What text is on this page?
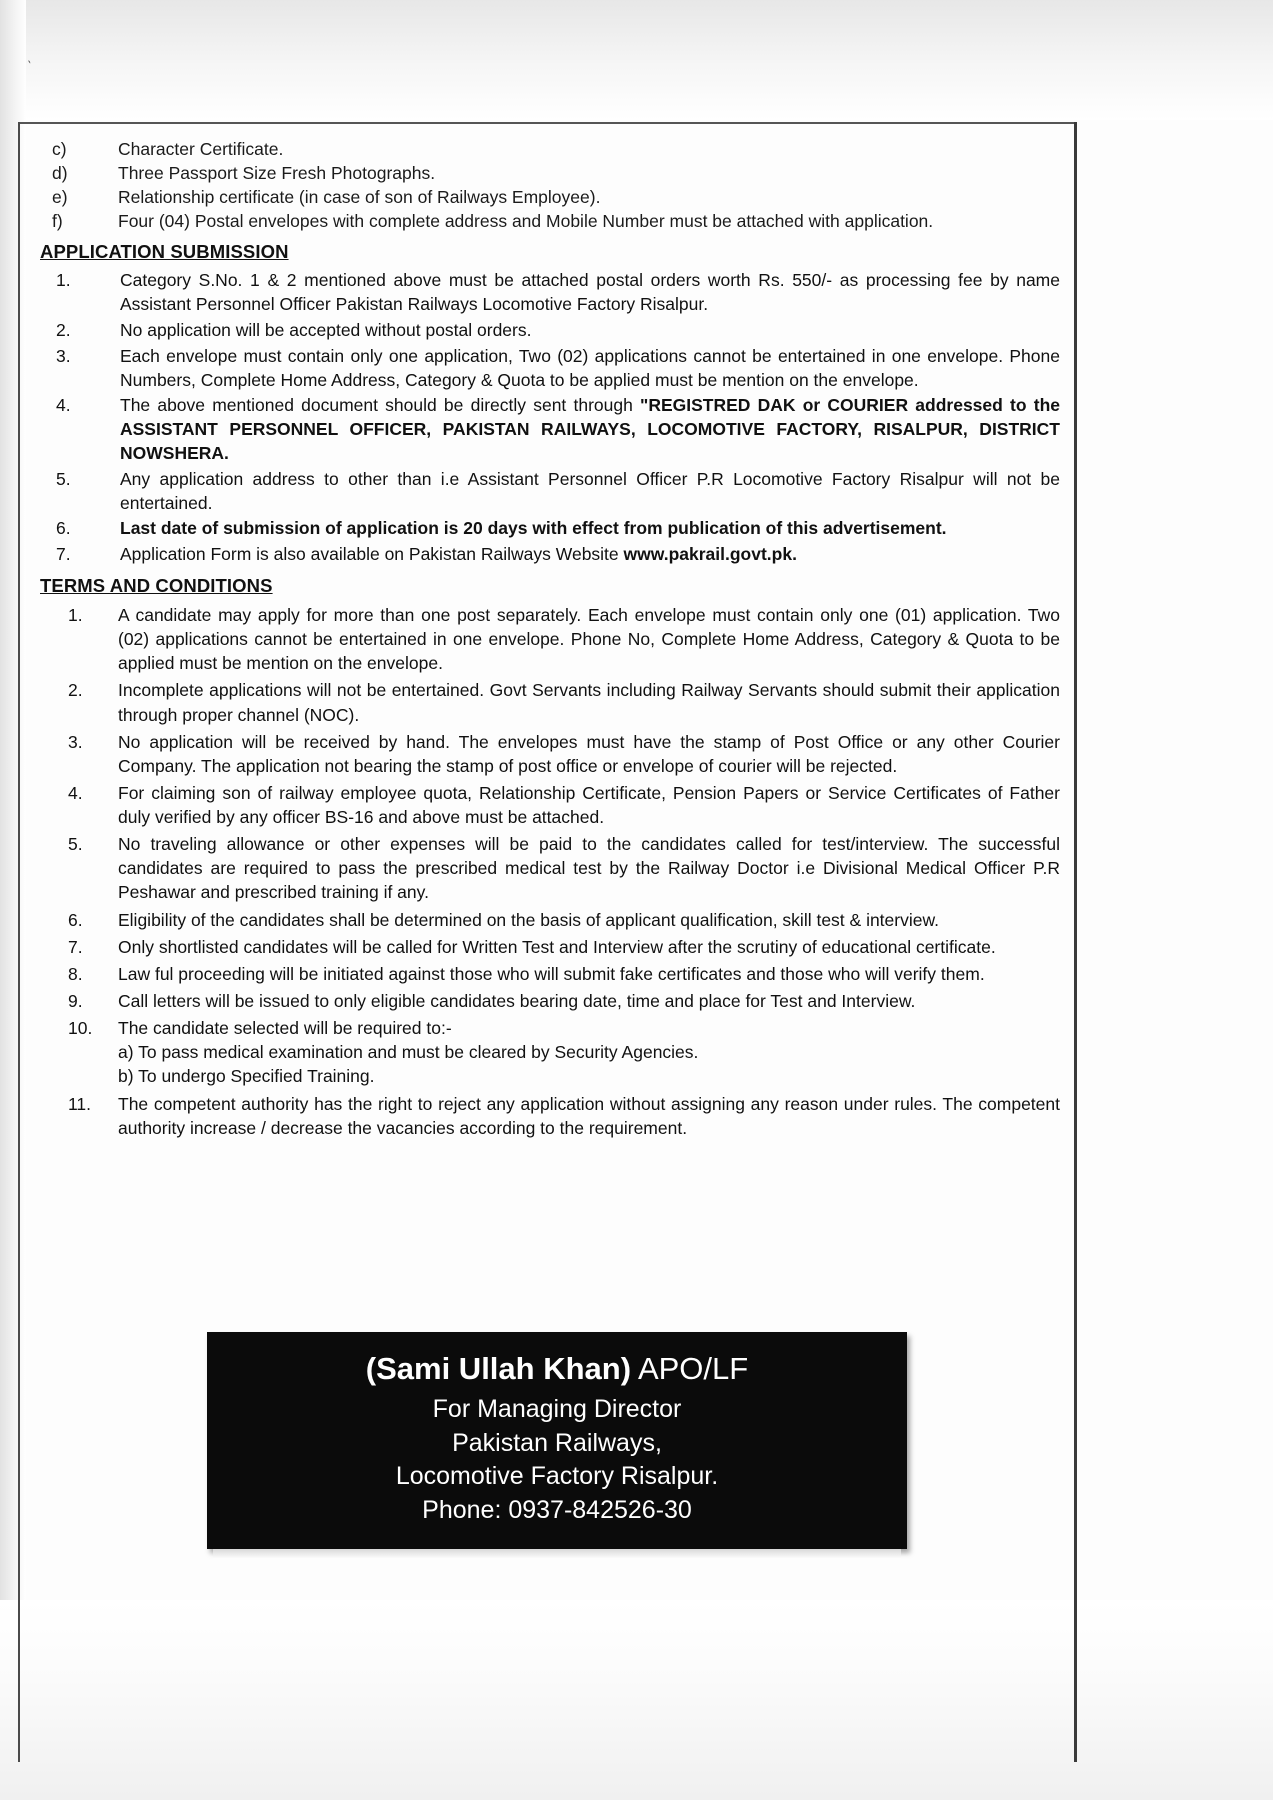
`
c)	Character Certificate.
d)	Three Passport Size Fresh Photographs.
e)	Relationship certificate (in case of son of Railways Employee).
f)	Four (04) Postal envelopes with complete address and Mobile Number must be attached with application.
APPLICATION SUBMISSION
1.	Category S.No. 1 & 2 mentioned above must be attached postal orders worth Rs. 550/- as processing fee by name Assistant Personnel Officer Pakistan Railways Locomotive Factory Risalpur.
2.	No application will be accepted without postal orders.
3.	Each envelope must contain only one application, Two (02) applications cannot be entertained in one envelope. Phone Numbers, Complete Home Address, Category & Quota to be applied must be mention on the envelope.
4.	The above mentioned document should be directly sent through "REGISTRED DAK or COURIER addressed to the ASSISTANT PERSONNEL OFFICER, PAKISTAN RAILWAYS, LOCOMOTIVE FACTORY, RISALPUR, DISTRICT NOWSHERA.
5.	Any application address to other than i.e Assistant Personnel Officer P.R Locomotive Factory Risalpur will not be entertained.
6.	Last date of submission of application is 20 days with effect from publication of this advertisement.
7.	Application Form is also available on Pakistan Railways Website www.pakrail.govt.pk.
TERMS AND CONDITIONS
1.	A candidate may apply for more than one post separately. Each envelope must contain only one (01) application. Two (02) applications cannot be entertained in one envelope. Phone No, Complete Home Address, Category & Quota to be applied must be mention on the envelope.
2.	Incomplete applications will not be entertained. Govt Servants including Railway Servants should submit their application through proper channel (NOC).
3.	No application will be received by hand. The envelopes must have the stamp of Post Office or any other Courier Company. The application not bearing the stamp of post office or envelope of courier will be rejected.
4.	For claiming son of railway employee quota, Relationship Certificate, Pension Papers or Service Certificates of Father duly verified by any officer BS-16 and above must be attached.
5.	No traveling allowance or other expenses will be paid to the candidates called for test/interview. The successful candidates are required to pass the prescribed medical test by the Railway Doctor i.e Divisional Medical Officer P.R Peshawar and prescribed training if any.
6.	Eligibility of the candidates shall be determined on the basis of applicant qualification, skill test & interview.
7.	Only shortlisted candidates will be called for Written Test and Interview after the scrutiny of educational certificate.
8.	Law ful proceeding will be initiated against those who will submit fake certificates and those who will verify them.
9.	Call letters will be issued to only eligible candidates bearing date, time and place for Test and Interview.
10.	The candidate selected will be required to:-
a) To pass medical examination and must be cleared by Security Agencies.
b) To undergo Specified Training.
11.	The competent authority has the right to reject any application without assigning any reason under rules. The competent authority increase / decrease the vacancies according to the requirement.
(Sami Ullah Khan) APO/LF
For Managing Director
Pakistan Railways,
Locomotive Factory Risalpur.
Phone: 0937-842526-30
